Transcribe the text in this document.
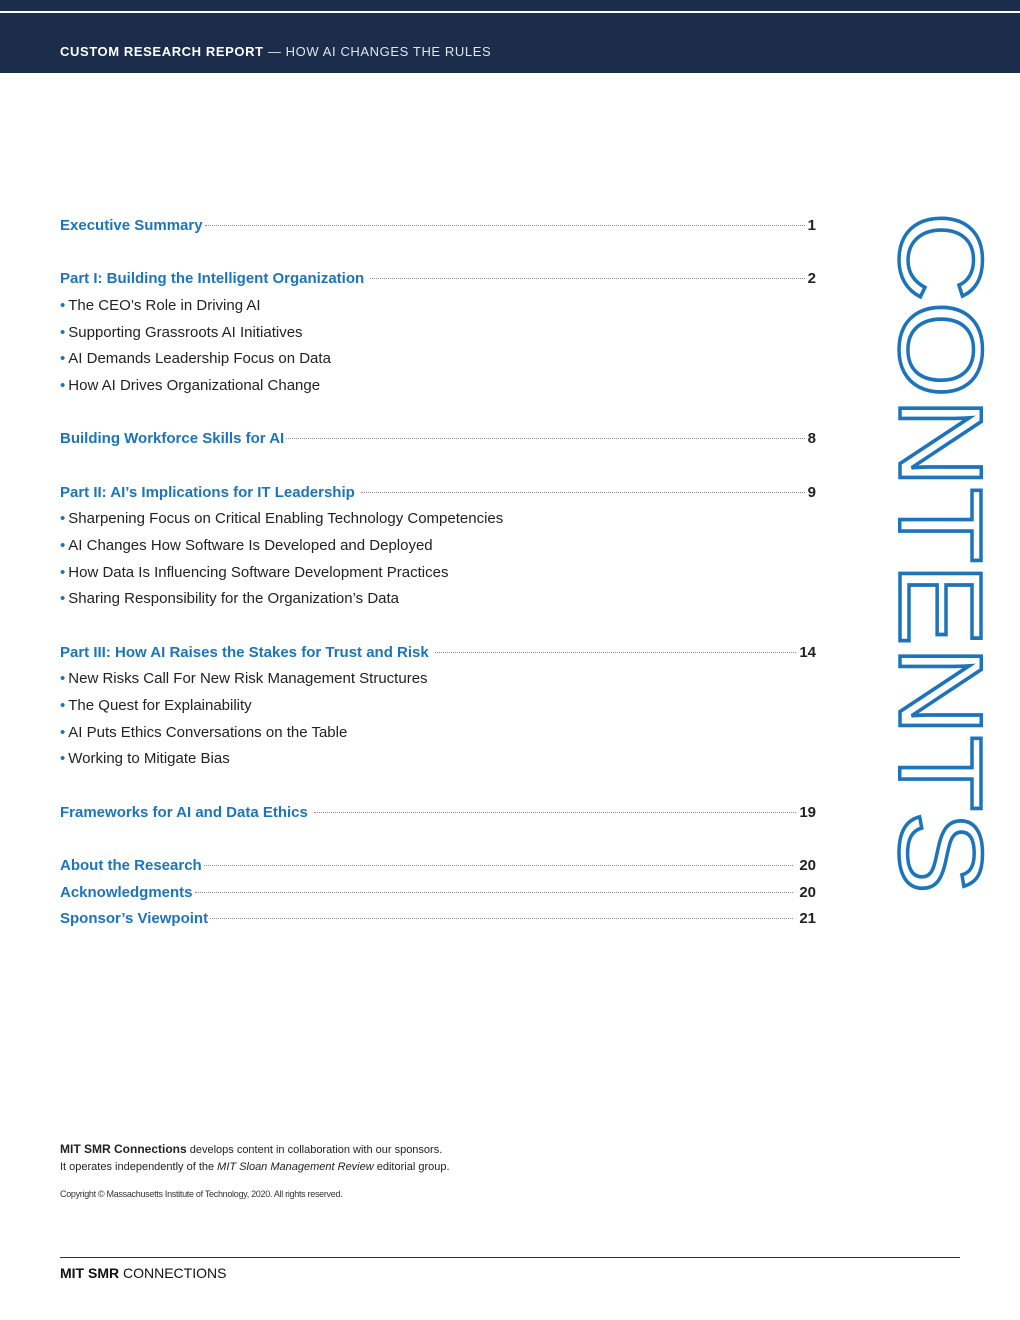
CUSTOM RESEARCH REPORT — HOW AI CHANGES THE RULES
Executive Summary	1
Part I: Building the Intelligent Organization	2
• The CEO’s Role in Driving AI
• Supporting Grassroots AI Initiatives
• AI Demands Leadership Focus on Data
• How AI Drives Organizational Change
Building Workforce Skills for AI	8
Part II: AI’s Implications for IT Leadership	9
• Sharpening Focus on Critical Enabling Technology Competencies
• AI Changes How Software Is Developed and Deployed
• How Data Is Influencing Software Development Practices
• Sharing Responsibility for the Organization’s Data
Part III: How AI Raises the Stakes for Trust and Risk	14
• New Risks Call For New Risk Management Structures
• The Quest for Explainability
• AI Puts Ethics Conversations on the Table
• Working to Mitigate Bias
Frameworks for AI and Data Ethics	19
About the Research	20
Acknowledgments	20
Sponsor’s Viewpoint	21
CONTENTS
MIT SMR Connections develops content in collaboration with our sponsors.
It operates independently of the MIT Sloan Management Review editorial group.
Copyright © Massachusetts Institute of Technology, 2020. All rights reserved.
MIT SMR CONNECTIONS
